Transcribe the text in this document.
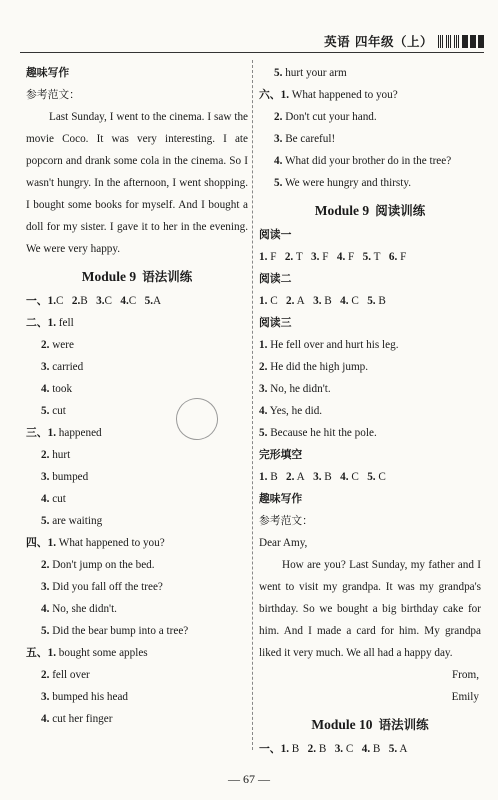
英语 四年级（上）
趣味写作
参考范文：

Last Sunday, I went to the cinema. I saw the movie Coco. It was very interesting. I ate popcorn and drank some cola in the cinema. So I wasn't hungry. In the afternoon, I went shopping. I bought some books for myself. And I bought a doll for my sister. I gave it to her in the evening. We were very happy.

Module 9 语法训练
一、1.C 2.B 3.C 4.C 5.A
二、1. fell
2. were
3. carried
4. took
5. cut
三、1. happened
2. hurt
3. bumped
4. cut
5. are waiting
四、1. What happened to you?
2. Don't jump on the bed.
3. Did you fall off the tree?
4. No, she didn't.
5. Did the bear bump into a tree?
五、1. bought some apples
2. fell over
3. bumped his head
4. cut her finger
5. hurt your arm
六、1. What happened to you?
2. Don't cut your hand.
3. Be careful!
4. What did your brother do in the tree?
5. We were hungry and thirsty.
Module 9 阅读训练
阅读一
1. F 2. T 3. F 4. F 5. T 6. F
阅读二
1. C 2. A 3. B 4. C 5. B
阅读三
1. He fell over and hurt his leg.
2. He did the high jump.
3. No, he didn't.
4. Yes, he did.
5. Because he hit the pole.
完形填空
1. B 2. A 3. B 4. C 5. C
趣味写作
参考范文：
Dear Amy,

How are you? Last Sunday, my father and I went to visit my grandpa. It was my grandpa's birthday. So we bought a big birthday cake for him. And I made a card for him. My grandpa liked it very much. We all had a happy day.

From,
Emily
Module 10 语法训练
一、1. B 2. B 3. C 4. B 5. A
— 67 —
